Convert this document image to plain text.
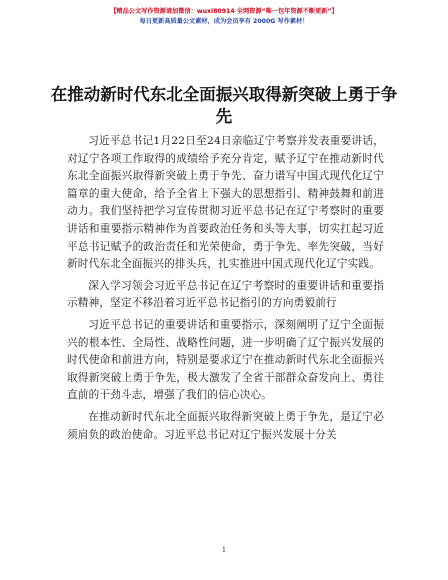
【精品公文写作资源请加微信：wuxi80914 全网资源“唯一包年资源不断更新”】
每日更新高质量公文素材，成为会员享有 2000G 写作素材！
在推动新时代东北全面振兴取得新突破上勇于争先

习近平总书记1月22日至24日亲临辽宁考察并发表重要讲话，对辽宁各项工作取得的成绩给予充分肯定，赋予辽宁在推动新时代东北全面振兴取得新突破上勇于争先、奋力谱写中国式现代化辽宁篇章的重大使命，给予全省上下强大的思想指引、精神鼓舞和前进动力。我们坚持把学习宣传贯彻习近平总书记在辽宁考察时的重要讲话和重要指示精神作为首要政治任务和头等大事，切实扛起习近平总书记赋予的政治责任和光荣使命，勇于争先、率先突破，当好新时代东北全面振兴的排头兵，扎实推进中国式现代化辽宁实践。

深入学习领会习近平总书记在辽宁考察时的重要讲话和重要指示精神，坚定不移沿着习近平总书记指引的方向勇毅前行

习近平总书记的重要讲话和重要指示，深刻阐明了辽宁全面振兴的根本性、全局性、战略性问题，进一步明确了辽宁振兴发展的时代使命和前进方向，特别是要求辽宁在推动新时代东北全面振兴取得新突破上勇于争先，极大激发了全省干部群众奋发向上、勇往直前的干劲斗志，增强了我们的信心决心。

在推动新时代东北全面振兴取得新突破上勇于争先，是辽宁必须肩负的政治使命。习近平总书记对辽宁振兴发展十分关

1
